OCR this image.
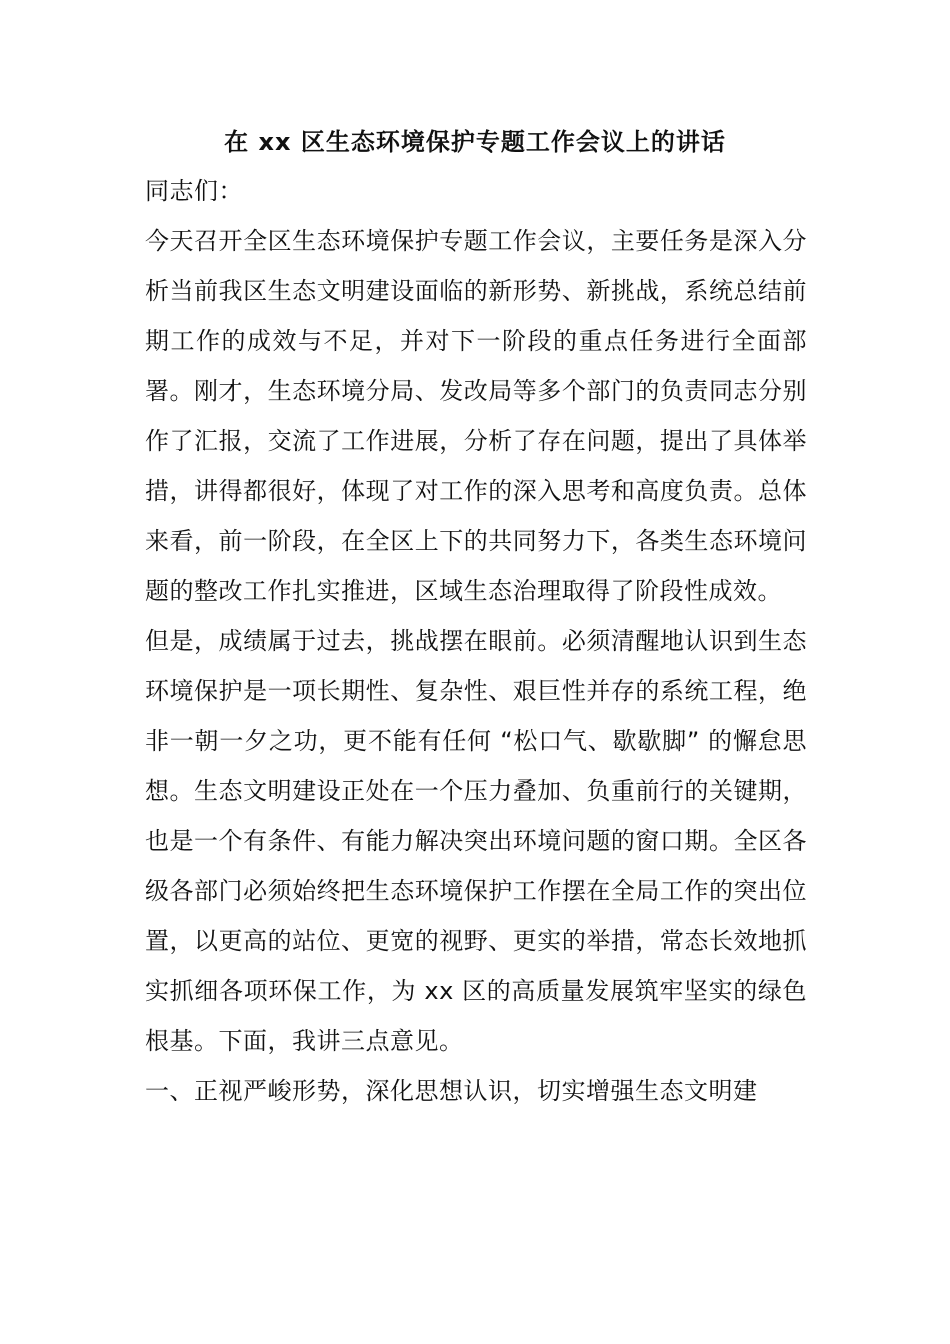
在 xx 区生态环境保护专题工作会议上的讲话

同志们：

今天召开全区生态环境保护专题工作会议，主要任务是深入分析当前我区生态文明建设面临的新形势、新挑战，系统总结前期工作的成效与不足，并对下一阶段的重点任务进行全面部署。刚才，生态环境分局、发改局等多个部门的负责同志分别作了汇报，交流了工作进展，分析了存在问题，提出了具体举措，讲得都很好，体现了对工作的深入思考和高度负责。总体来看，前一阶段，在全区上下的共同努力下，各类生态环境问题的整改工作扎实推进，区域生态治理取得了阶段性成效。

但是，成绩属于过去，挑战摆在眼前。必须清醒地认识到生态环境保护是一项长期性、复杂性、艰巨性并存的系统工程，绝非一朝一夕之功，更不能有任何 “松口气、歇歇脚” 的懈怠思想。生态文明建设正处在一个压力叠加、负重前行的关键期，也是一个有条件、有能力解决突出环境问题的窗口期。全区各级各部门必须始终把生态环境保护工作摆在全局工作的突出位置，以更高的站位、更宽的视野、更实的举措，常态长效地抓实抓细各项环保工作，为 xx 区的高质量发展筑牢坚实的绿色根基。下面，我讲三点意见。

一、正视严峻形势，深化思想认识，切实增强生态文明建
